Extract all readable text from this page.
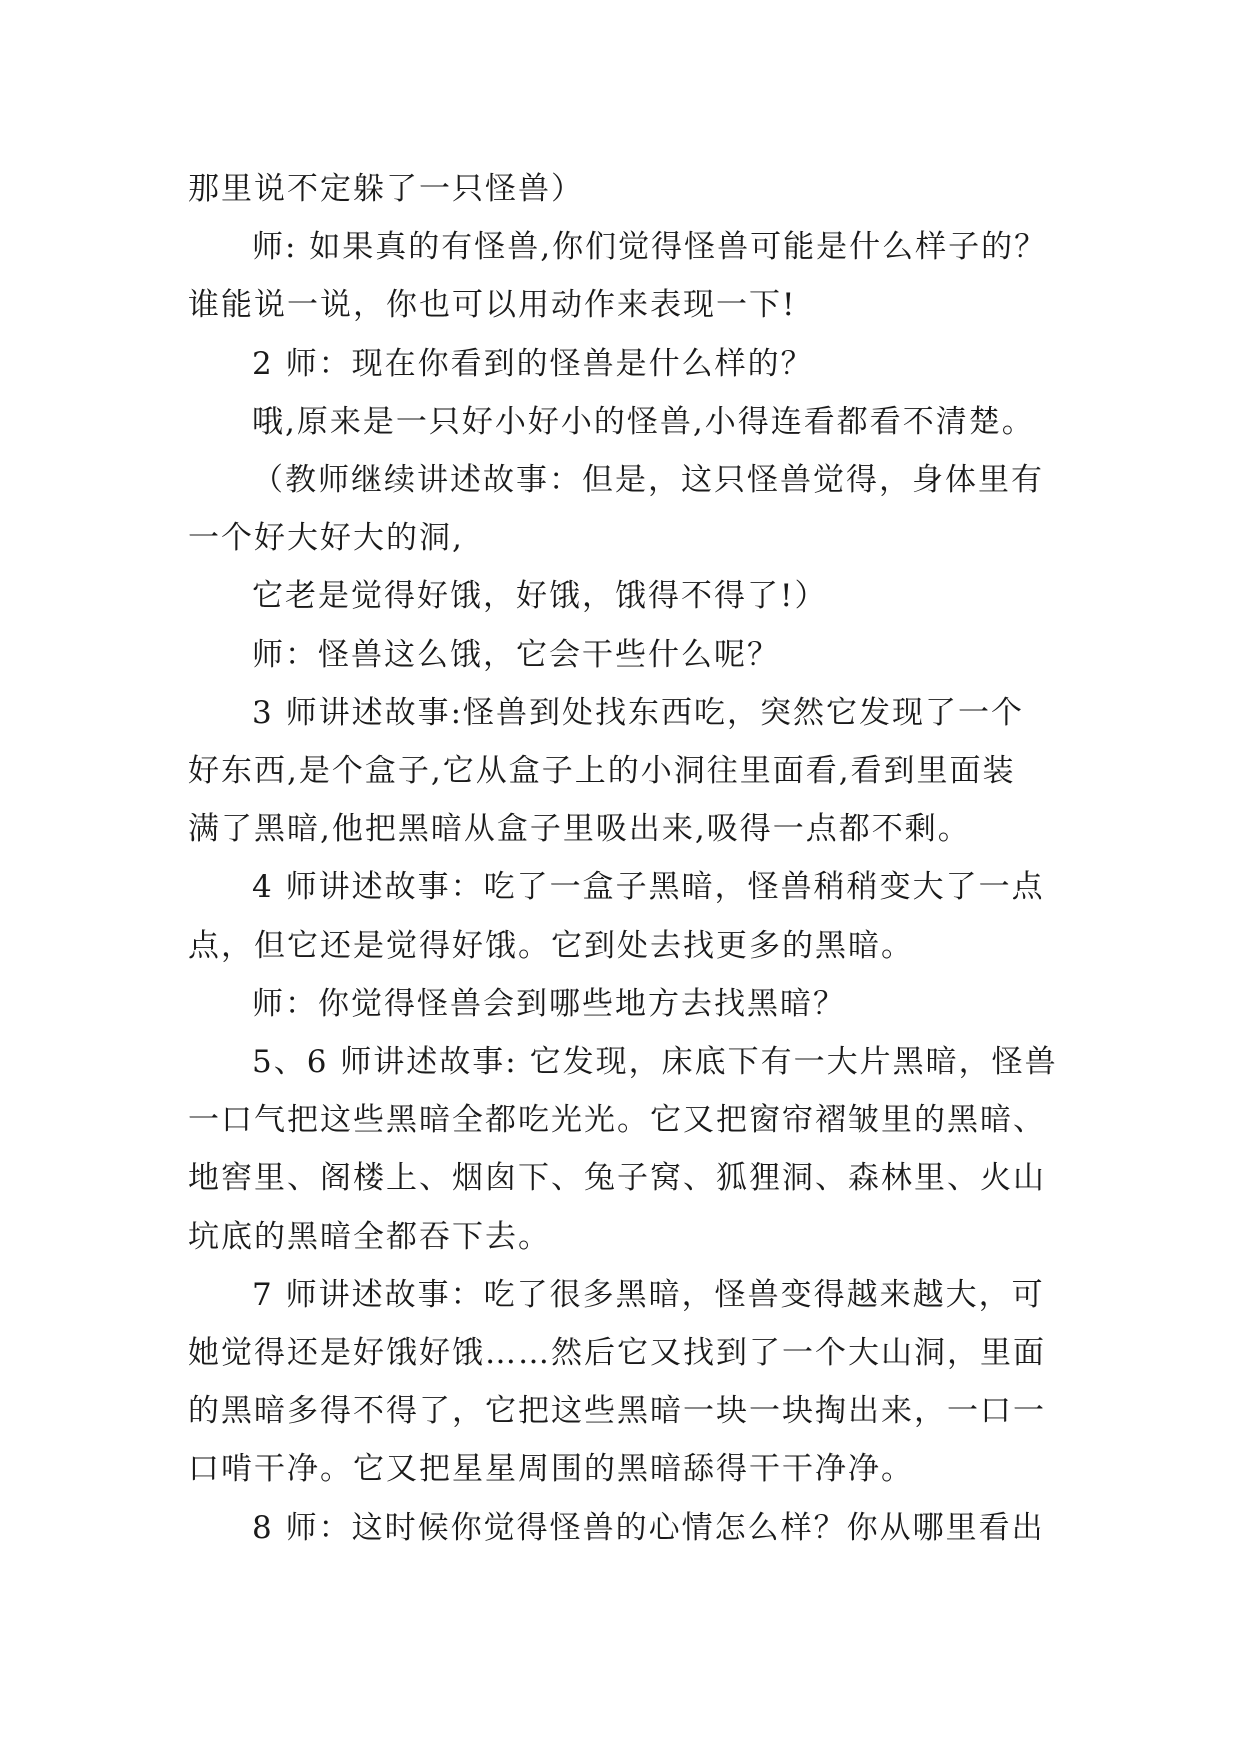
那里说不定躲了一只怪兽）
师: 如果真的有怪兽,你们觉得怪兽可能是什么样子的？
谁能说一说，你也可以用动作来表现一下!
2 师：现在你看到的怪兽是什么样的？
哦,原来是一只好小好小的怪兽,小得连看都看不清楚。
（教师继续讲述故事：但是，这只怪兽觉得，身体里有
一个好大好大的洞,
它老是觉得好饿，好饿，饿得不得了!）
师：怪兽这么饿，它会干些什么呢？
3 师讲述故事:怪兽到处找东西吃，突然它发现了一个
好东西,是个盒子,它从盒子上的小洞往里面看,看到里面装
满了黑暗,他把黑暗从盒子里吸出来,吸得一点都不剩。
4 师讲述故事：吃了一盒子黑暗，怪兽稍稍变大了一点
点，但它还是觉得好饿。它到处去找更多的黑暗。
师：你觉得怪兽会到哪些地方去找黑暗？
5、6 师讲述故事: 它发现，床底下有一大片黑暗，怪兽
一口气把这些黑暗全都吃光光。它又把窗帘褶皱里的黑暗、
地窖里、阁楼上、烟囱下、兔子窝、狐狸洞、森林里、火山
坑底的黑暗全都吞下去。
7 师讲述故事：吃了很多黑暗，怪兽变得越来越大，可
她觉得还是好饿好饿……然后它又找到了一个大山洞，里面
的黑暗多得不得了，它把这些黑暗一块一块掏出来，一口一
口啃干净。它又把星星周围的黑暗舔得干干净净。
8 师：这时候你觉得怪兽的心情怎么样？你从哪里看出
